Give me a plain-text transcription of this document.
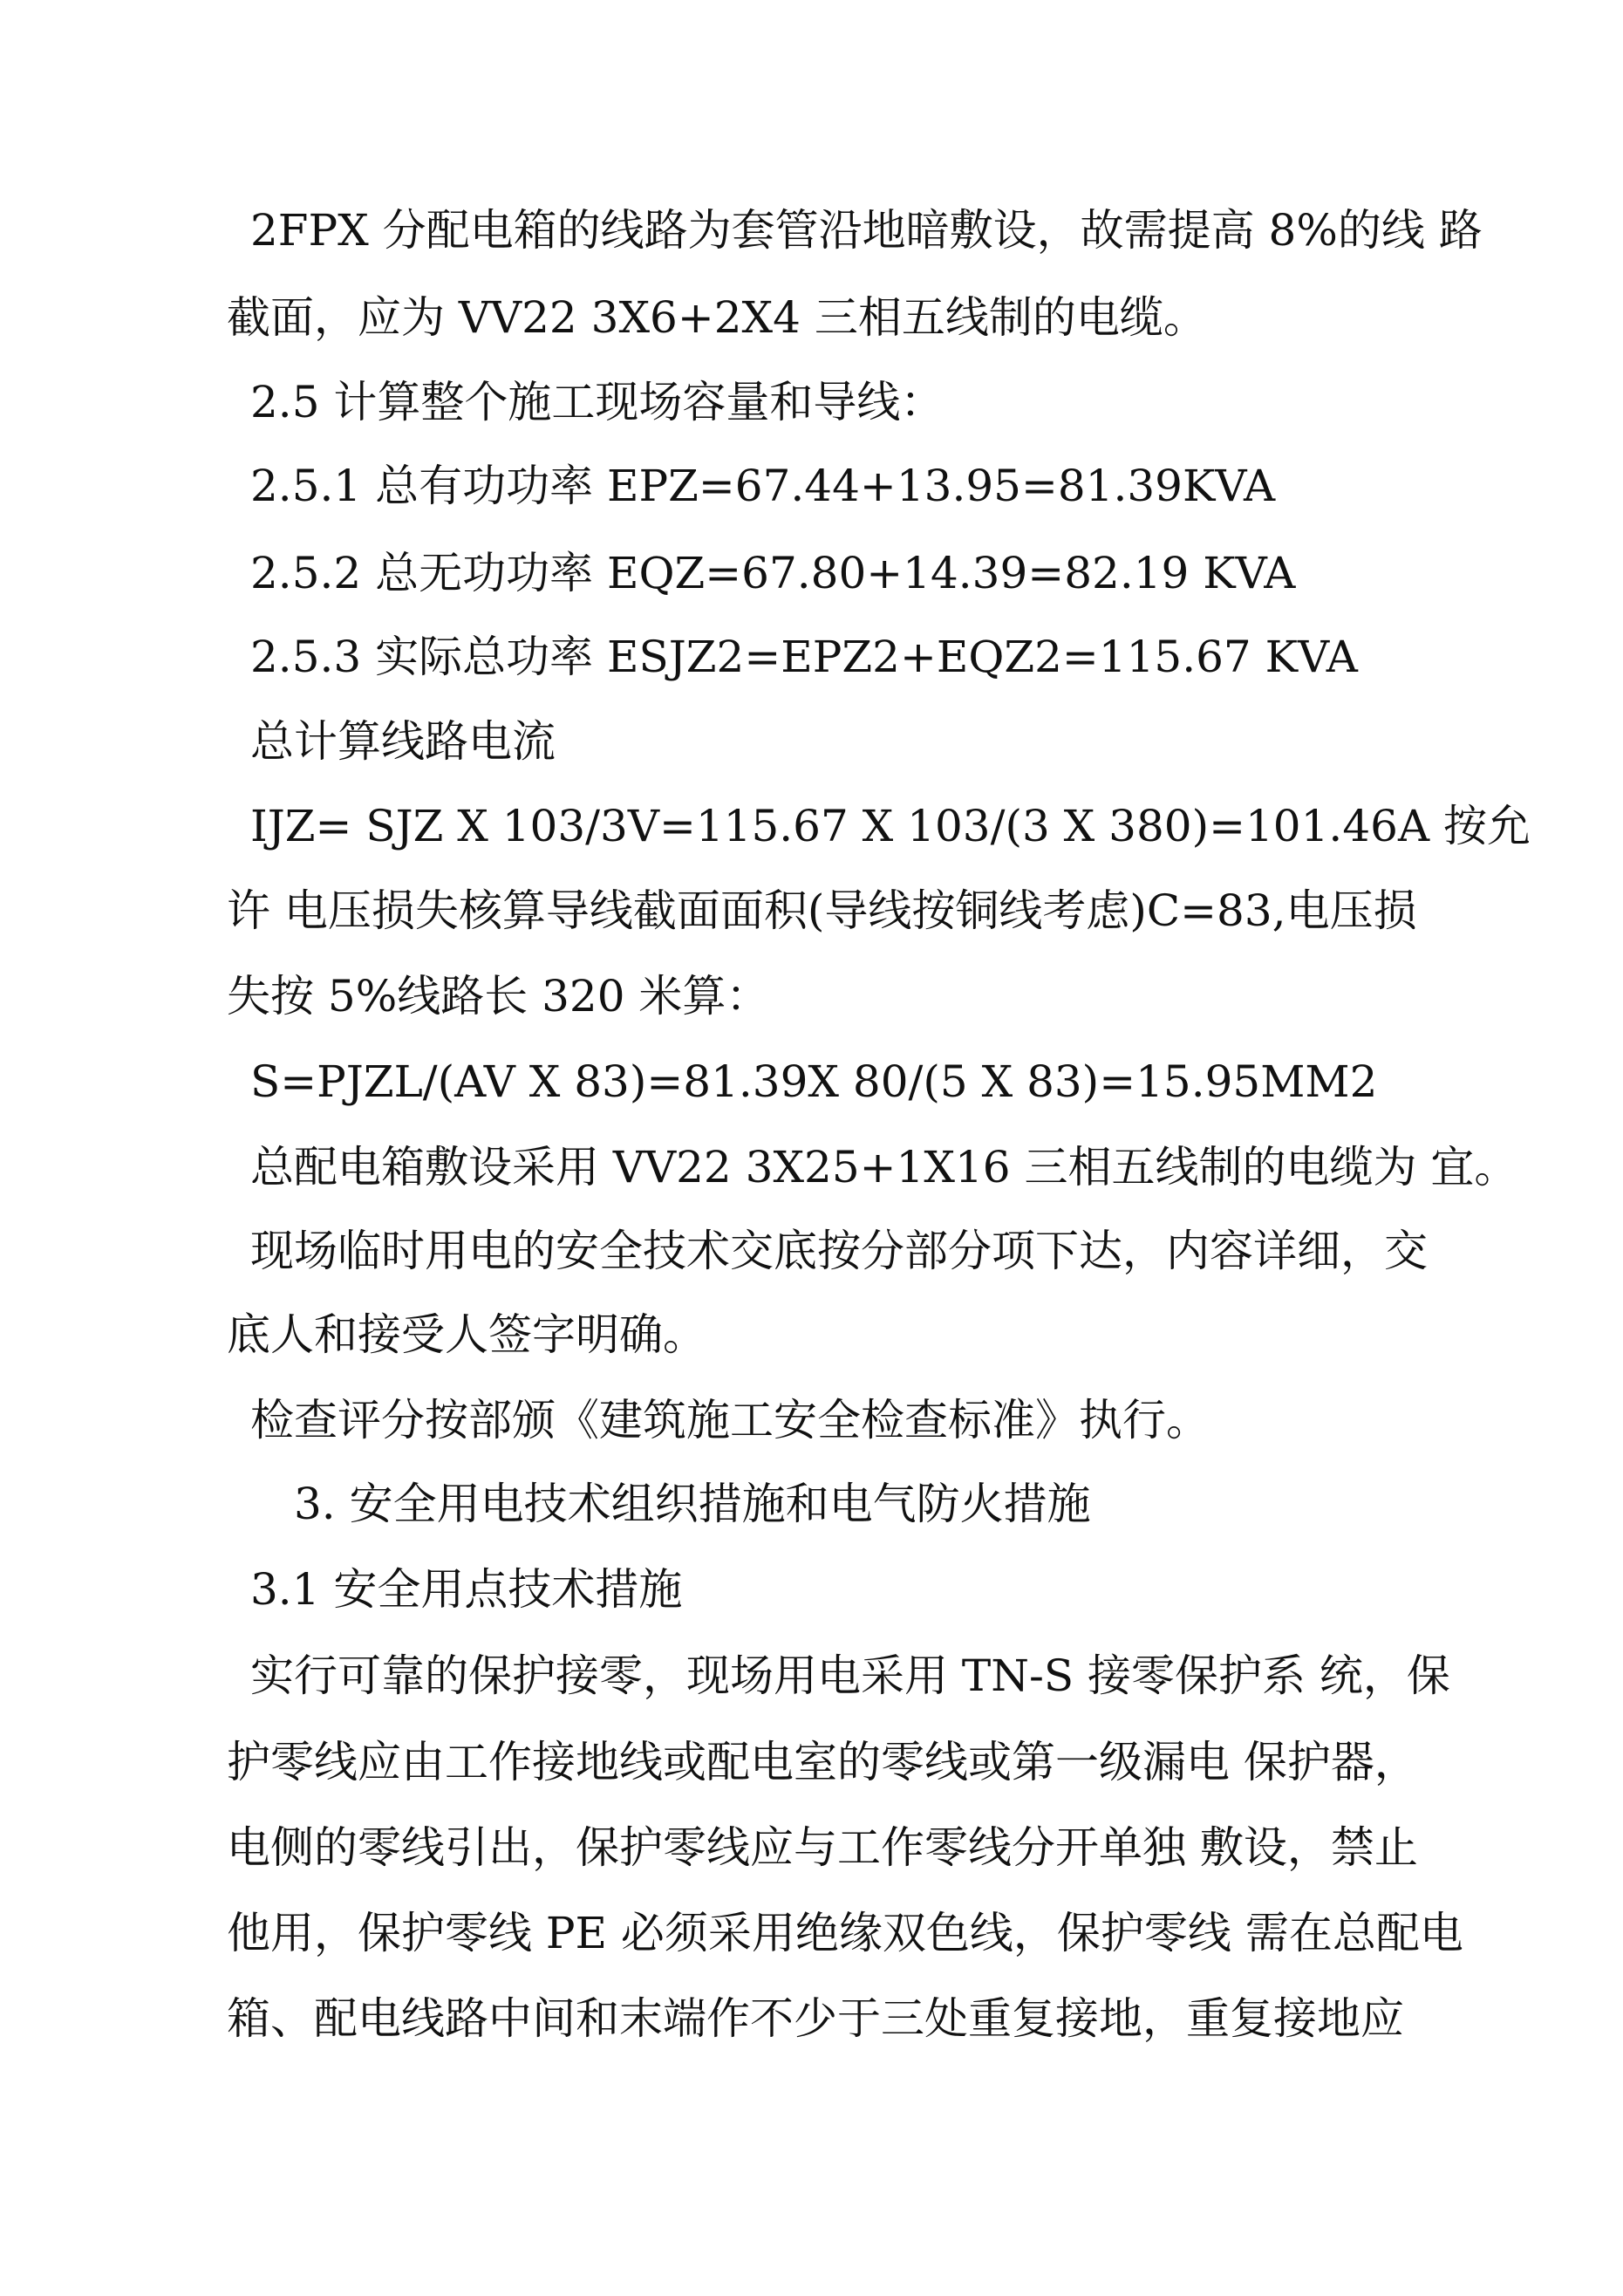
2FPX 分配电箱的线路为套管沿地暗敷设，故需提高 8%的线 路
截面，应为 VV22 3X6+2X4 三相五线制的电缆。
2.5 计算整个施工现场容量和导线：
2.5.1 总有功功率 EPZ=67.44+13.95=81.39KVA
2.5.2 总无功功率 EQZ=67.80+14.39=82.19 KVA
2.5.3 实际总功率 ESJZ2=EPZ2+EQZ2=115.67 KVA
总计算线路电流
IJZ= SJZ X 103/3V=115.67 X 103/(3 X 380)=101.46A 按允
许 电压损失核算导线截面面积(导线按铜线考虑)C=83,电压损
失按 5%线路长 320 米算：
S=PJZL/(AV X 83)=81.39X 80/(5 X 83)=15.95MM2
总配电箱敷设采用 VV22 3X25+1X16 三相五线制的电缆为 宜。
现场临时用电的安全技术交底按分部分项下达，内容详细，交
底人和接受人签字明确。
检查评分按部颁《建筑施工安全检查标准》执行。
3. 安全用电技术组织措施和电气防火措施
3.1 安全用点技术措施
实行可靠的保护接零，现场用电采用 TN-S 接零保护系 统，保
护零线应由工作接地线或配电室的零线或第一级漏电 保护器，
电侧的零线引出，保护零线应与工作零线分开单独 敷设，禁止
他用，保护零线 PE 必须采用绝缘双色线，保护零线 需在总配电
箱、配电线路中间和末端作不少于三处重复接地，重复接地应
